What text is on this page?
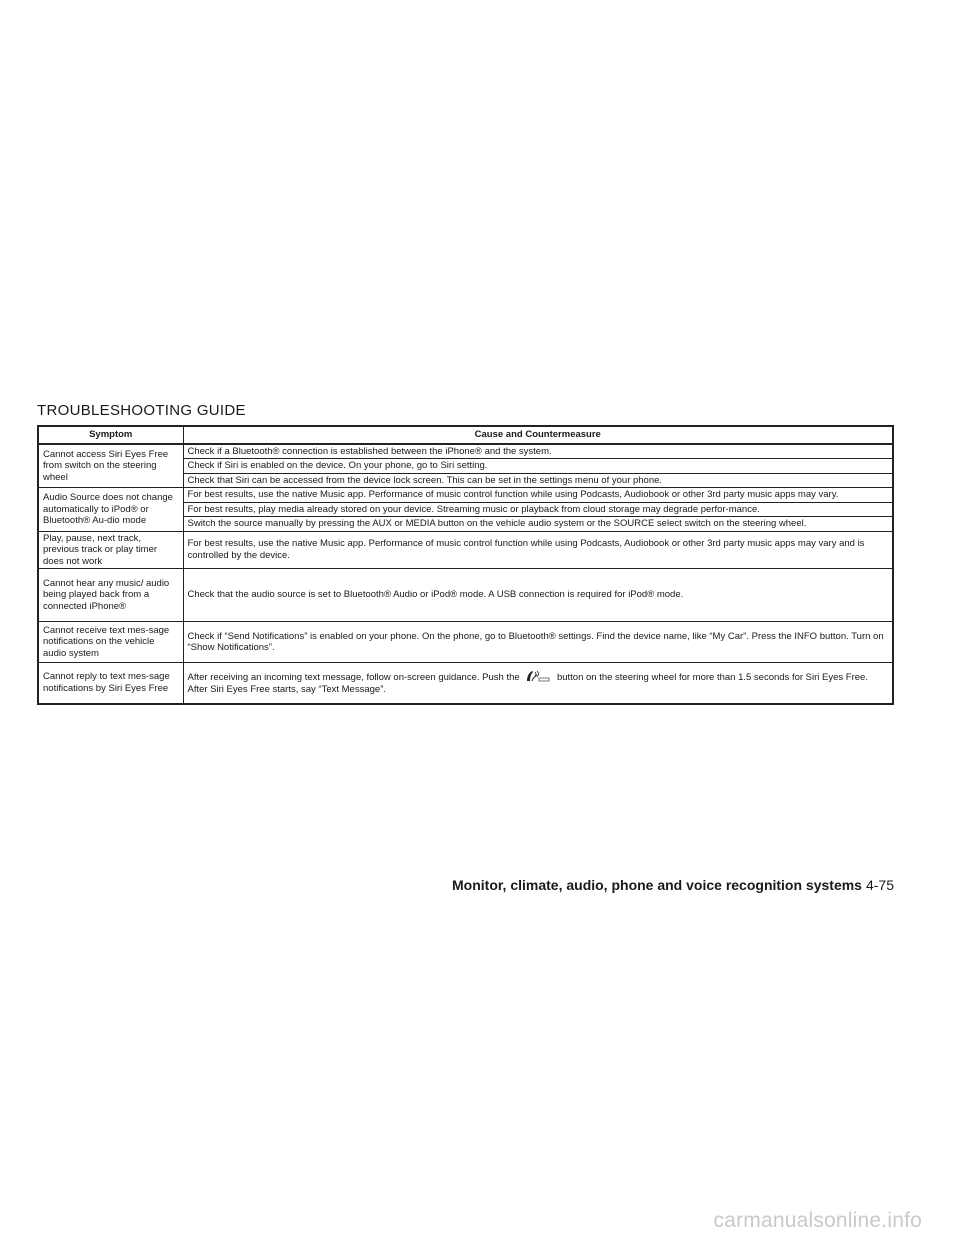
TROUBLESHOOTING GUIDE
Symptom	Cause and Countermeasure
Cannot access Siri Eyes Free from switch on the steering wheel	Check if a Bluetooth® connection is established between the iPhone® and the system.
	Check if Siri is enabled on the device. On your phone, go to Siri setting.
	Check that Siri can be accessed from the device lock screen. This can be set in the settings menu of your phone.
Audio Source does not change automatically to iPod® or Bluetooth® Au-dio mode	For best results, use the native Music app. Performance of music control function while using Podcasts, Audiobook or other 3rd party music apps may vary.
	For best results, play media already stored on your device. Streaming music or playback from cloud storage may degrade perfor-mance.
	Switch the source manually by pressing the AUX or MEDIA button on the vehicle audio system or the SOURCE select switch on the steering wheel.
Play, pause, next track, previous track or play timer does not work	For best results, use the native Music app. Performance of music control function while using Podcasts, Audiobook or other 3rd party music apps may vary and is controlled by the device.
Cannot hear any music/ audio being played back from a connected iPhone®	Check that the audio source is set to Bluetooth® Audio or iPod® mode. A USB connection is required for iPod® mode.
Cannot receive text mes-sage notifications on the vehicle audio system	Check if “Send Notifications” is enabled on your phone. On the phone, go to Bluetooth® settings. Find the device name, like “My Car”. Press the INFO button. Turn on “Show Notifications”.
Cannot reply to text mes-sage notifications by Siri Eyes Free	After receiving an incoming text message, follow on-screen guidance. Push the button on the steering wheel for more than 1.5 seconds for Siri Eyes Free. After Siri Eyes Free starts, say “Text Message”.
Monitor, climate, audio, phone and voice recognition systems 4-75
carmanualsonline.info
